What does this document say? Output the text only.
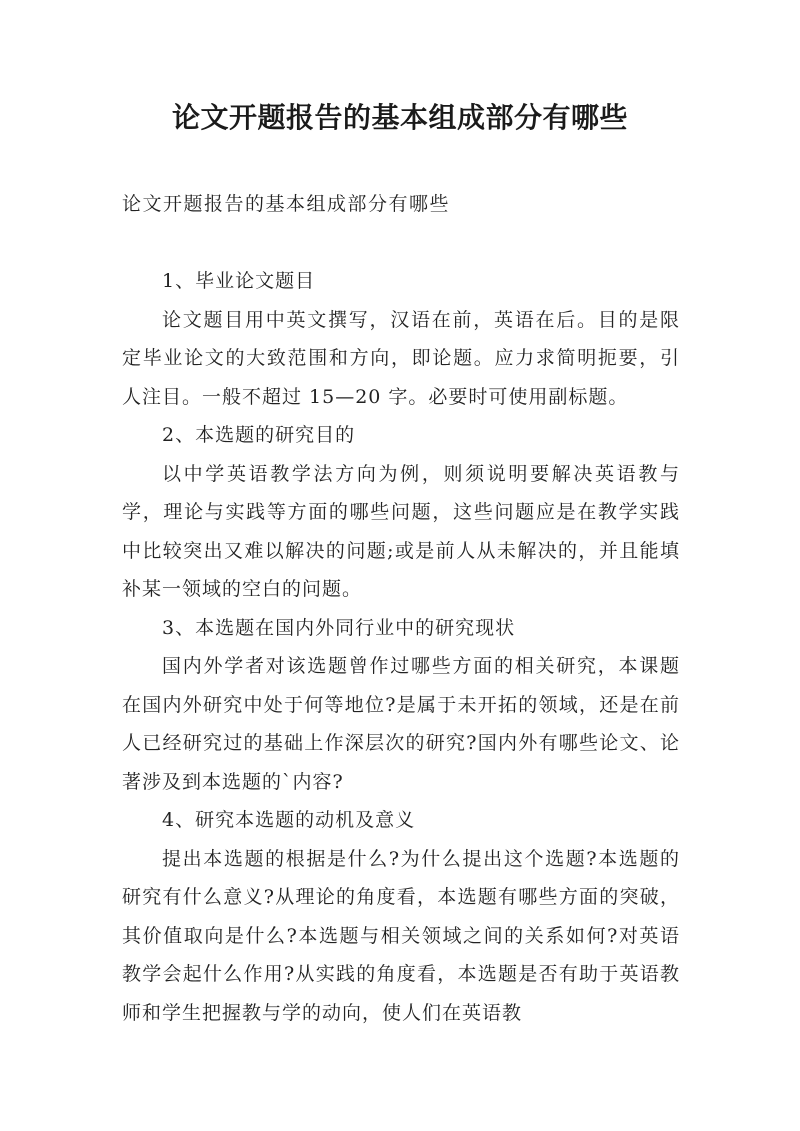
论文开题报告的基本组成部分有哪些
论文开题报告的基本组成部分有哪些

1、毕业论文题目

论文题目用中英文撰写，汉语在前，英语在后。目的是限定毕业论文的大致范围和方向，即论题。应力求简明扼要，引人注目。一般不超过 15—20 字。必要时可使用副标题。

2、本选题的研究目的

以中学英语教学法方向为例，则须说明要解决英语教与学，理论与实践等方面的哪些问题，这些问题应是在教学实践中比较突出又难以解决的问题;或是前人从未解决的，并且能填补某一领域的空白的问题。

3、本选题在国内外同行业中的研究现状

国内外学者对该选题曾作过哪些方面的相关研究，本课题在国内外研究中处于何等地位?是属于未开拓的领域，还是在前人已经研究过的基础上作深层次的研究?国内外有哪些论文、论著涉及到本选题的`内容?

4、研究本选题的动机及意义

提出本选题的根据是什么?为什么提出这个选题?本选题的研究有什么意义?从理论的角度看，本选题有哪些方面的突破，其价值取向是什么?本选题与相关领域之间的关系如何?对英语教学会起什么作用?从实践的角度看，本选题是否有助于英语教师和学生把握教与学的动向，使人们在英语教
